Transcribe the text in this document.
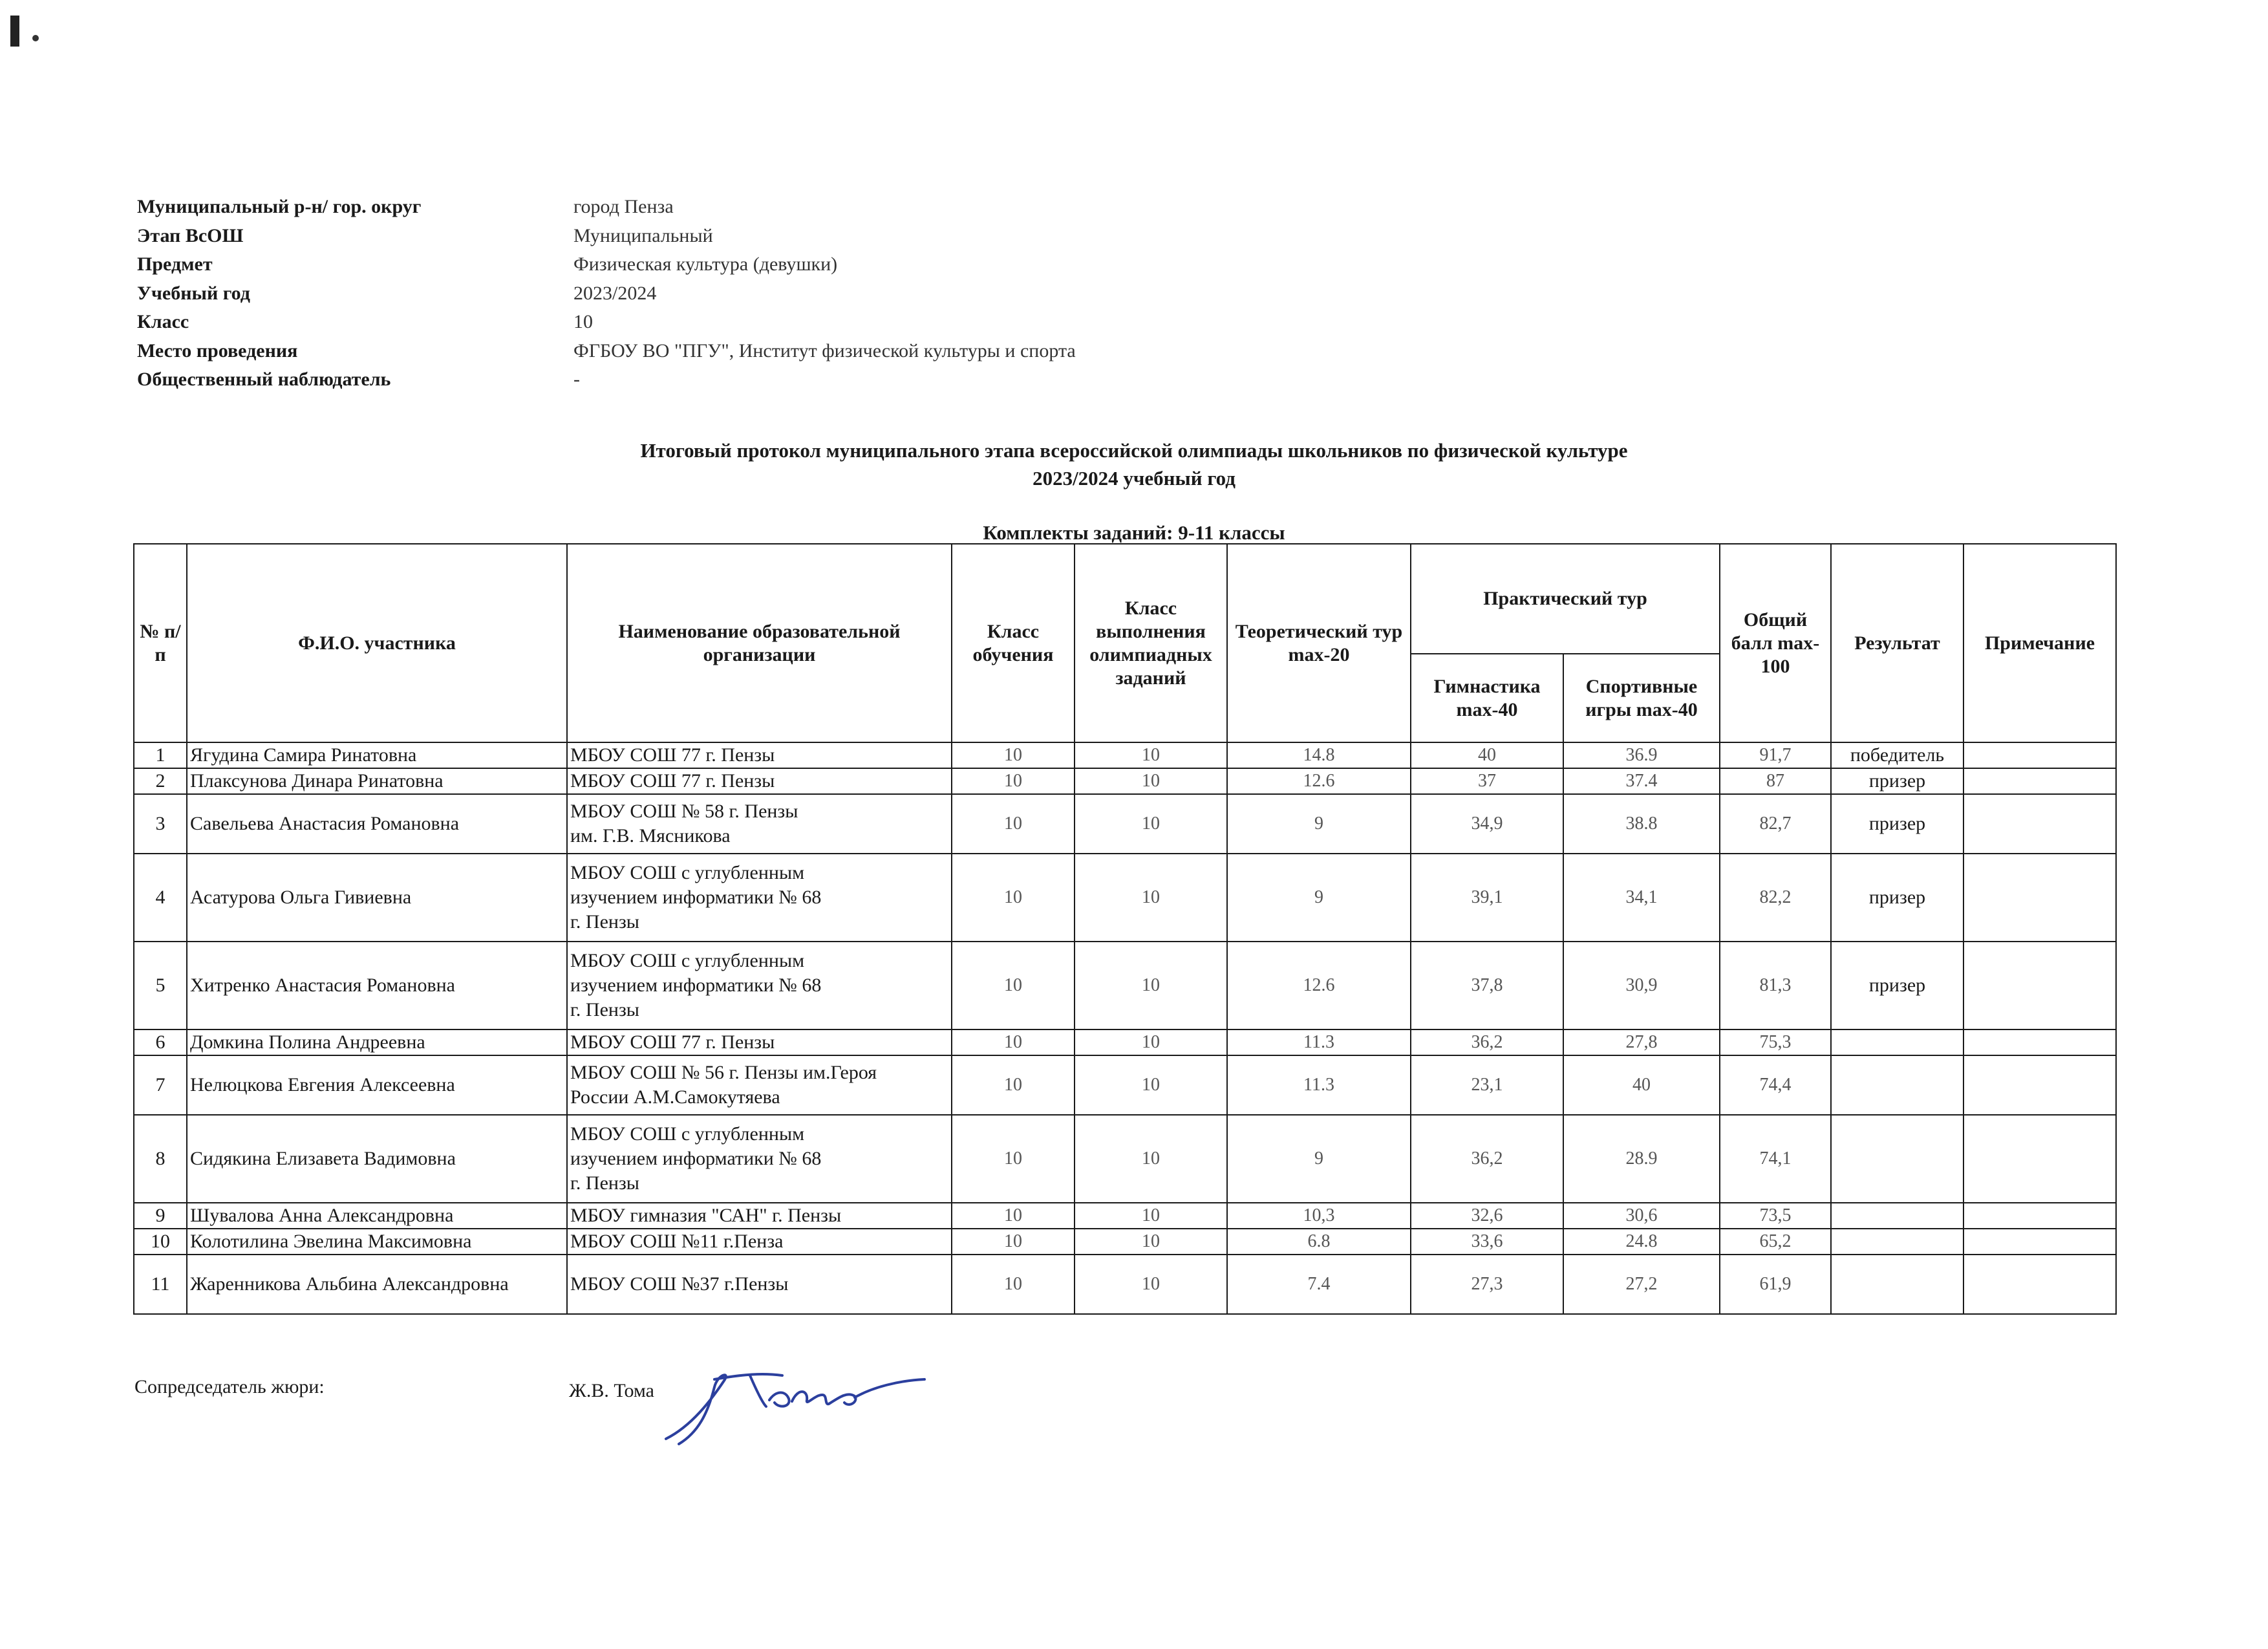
Муниципальный р-н/ гор. округ	город Пенза
Этап ВсОШ	Муниципальный
Предмет	Физическая культура (девушки)
Учебный год	2023/2024
Класс	10
Место проведения	ФГБОУ ВО "ПГУ", Институт физической культуры и спорта
Общественный наблюдатель	-
Итоговый протокол муниципального этапа всероссийской олимпиады школьников по физической культуре
2023/2024 учебный год
Комплекты заданий: 9-11 классы
№ п/п	Ф.И.О. участника	Наименование образовательной организации	Класс обучения	Класс выполнения олимпиадных заданий	Теоретический тур max-20	Практический тур		Общий балл max-100	Результат	Примечание
						Гимнастика max-40	Спортивные игры max-40			
1	Ягудина Самира Ринатовна	МБОУ СОШ 77 г. Пензы	10	10	14.8	40	36.9	91,7	победитель	
2	Плаксунова Динара Ринатовна	МБОУ СОШ 77 г. Пензы	10	10	12.6	37	37.4	87	призер	
3	Савельева Анастасия Романовна	МБОУ СОШ № 58 г. Пензы
им. Г.В. Мясникова	10	10	9	34,9	38.8	82,7	призер	
4	Асатурова Ольга Гивиевна	МБОУ СОШ с углубленным
изучением информатики № 68
г. Пензы	10	10	9	39,1	34,1	82,2	призер	
5	Хитренко Анастасия Романовна	МБОУ СОШ с углубленным
изучением информатики № 68
г. Пензы	10	10	12.6	37,8	30,9	81,3	призер	
6	Домкина Полина Андреевна	МБОУ СОШ 77 г. Пензы	10	10	11.3	36,2	27,8	75,3		
7	Нелюцкова Евгения Алексеевна	МБОУ СОШ № 56 г. Пензы им.Героя
России А.М.Самокутяева	10	10	11.3	23,1	40	74,4		
8	Сидякина Елизавета Вадимовна	МБОУ СОШ с углубленным
изучением информатики № 68
г. Пензы	10	10	9	36,2	28.9	74,1		
9	Шувалова Анна Александровна	МБОУ гимназия "САН" г. Пензы	10	10	10,3	32,6	30,6	73,5		
10	Колотилина Эвелина Максимовна	МБОУ СОШ №11 г.Пенза	10	10	6.8	33,6	24.8	65,2		
11	Жаренникова Альбина Александровна	МБОУ СОШ №37 г.Пензы	10	10	7.4	27,3	27,2	61,9		
Сопредседатель жюри:	Ж.В. Тома
